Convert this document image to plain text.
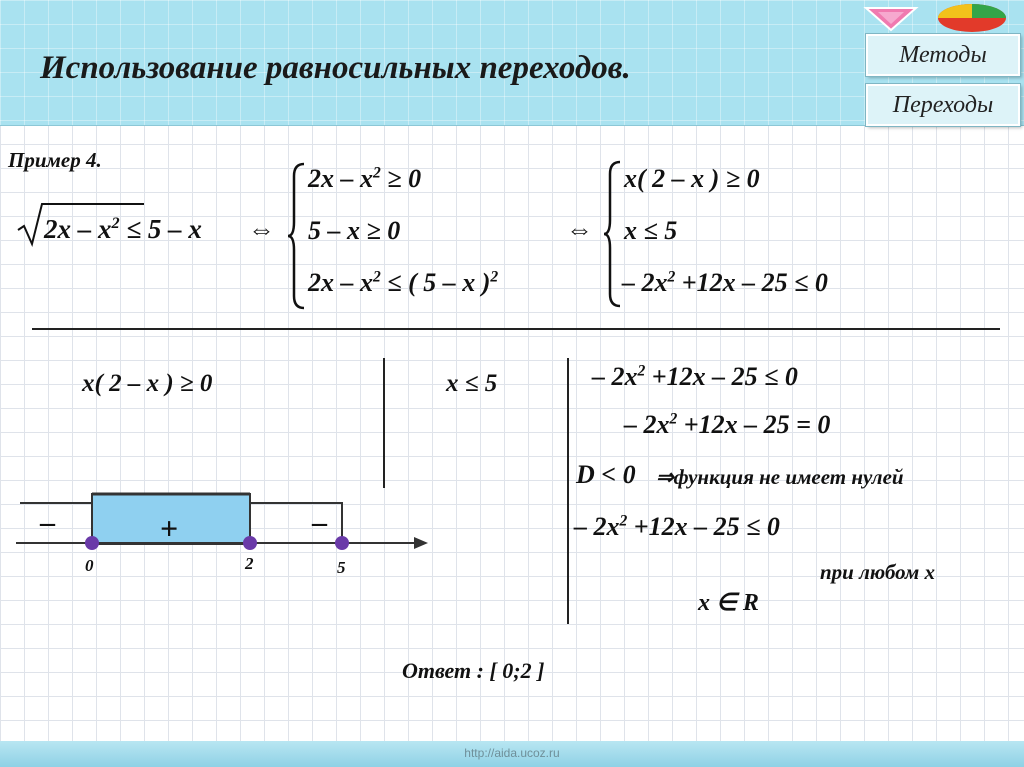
Использование равносильных переходов.	Методы
Переходы
Пример 4.
$2x - x^2 \le 5 - x$ ⇔
$2x - x^2 \ge 0$
5 – x ≥ 0
$2x - x^2$ ≤ ( 5 – x )$^2$
⇔
x( 2 – x ) ≥ 0
x ≤ 5
– $2x^2 +12x - 25 \le 0$
x( 2 – x ) ≥ 0	x ≤ 5	– $2x^2 +12x - 25 \le 0$
– $2x^2 +12x - 25 = 0$
D < 0 ⇒функция не имеет нулей
– $2x^2 +12x - 25 \le 0$
при любом x
x ∈ R
–	+	–
0	2	5
Ответ : [ 0;2 ]
http://aida.ucoz.ru
